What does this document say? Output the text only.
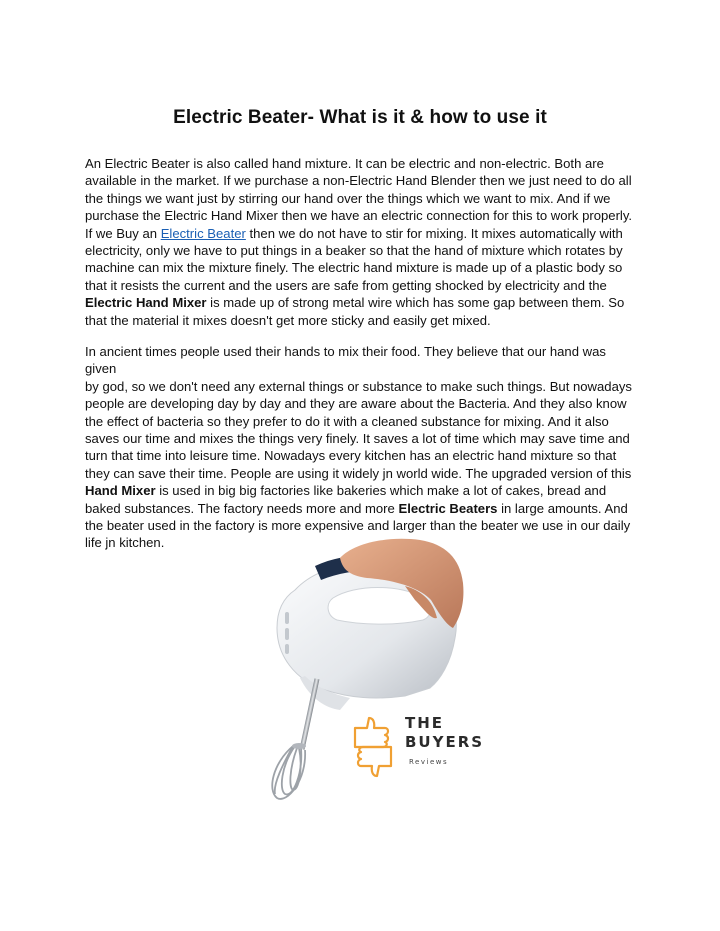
Electric Beater- What is it & how to use it
An Electric Beater is also called hand mixture. It can be electric and non-electric. Both are
available in the market. If we purchase a non-Electric Hand Blender then we just need to do all
the things we want just by stirring our hand over the things which we want to mix. And if we
purchase the Electric Hand Mixer then we have an electric connection for this to work properly.
If we Buy an Electric Beater then we do not have to stir for mixing. It mixes automatically with
electricity, only we have to put things in a beaker so that the hand of mixture which rotates by
machine can mix the mixture finely. The electric hand mixture is made up of a plastic body so
that it resists the current and the users are safe from getting shocked by electricity and the
Electric Hand Mixer is made up of strong metal wire which has some gap between them. So
that the material it mixes doesn't get more sticky and easily get mixed.
In ancient times people used their hands to mix their food. They believe that our hand was given
by god, so we don't need any external things or substance to make such things. But nowadays
people are developing day by day and they are aware about the Bacteria. And they also know
the effect of bacteria so they prefer to do it with a cleaned substance for mixing. And it also
saves our time and mixes the things very finely. It saves a lot of time which may save time and
turn that time into leisure time. Nowadays every kitchen has an electric hand mixture so that
they can save their time. People are using it widely jn world wide. The upgraded version of this
Hand Mixer is used in big big factories like bakeries which make a lot of cakes, bread and
baked substances. The factory needs more and more Electric Beaters in large amounts. And
the beater used in the factory is more expensive and larger than the beater we use in our daily
life jn kitchen.
THE
BUYERS
Reviews
